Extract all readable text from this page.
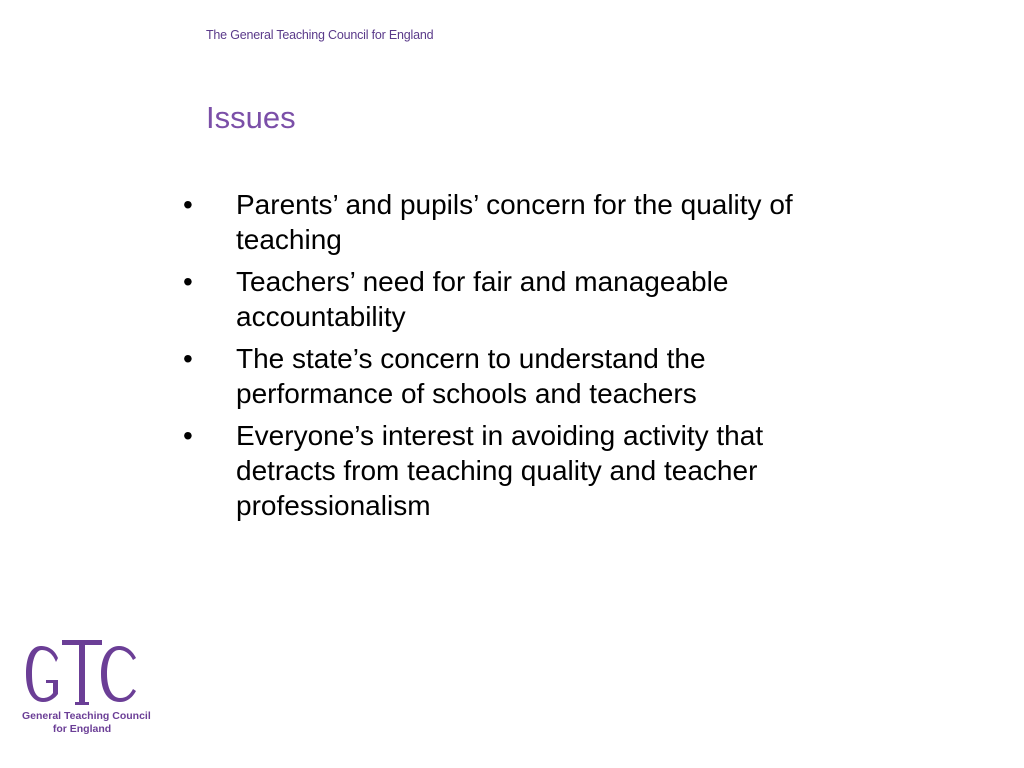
The General Teaching Council for England
Issues
•	Parents’ and pupils’ concern for the quality of teaching
•	Teachers’ need for fair and manageable accountability
•	The state’s concern to understand the performance of schools and teachers
•	Everyone’s interest in avoiding activity that detracts from teaching quality and teacher professionalism
General Teaching Council
for England
